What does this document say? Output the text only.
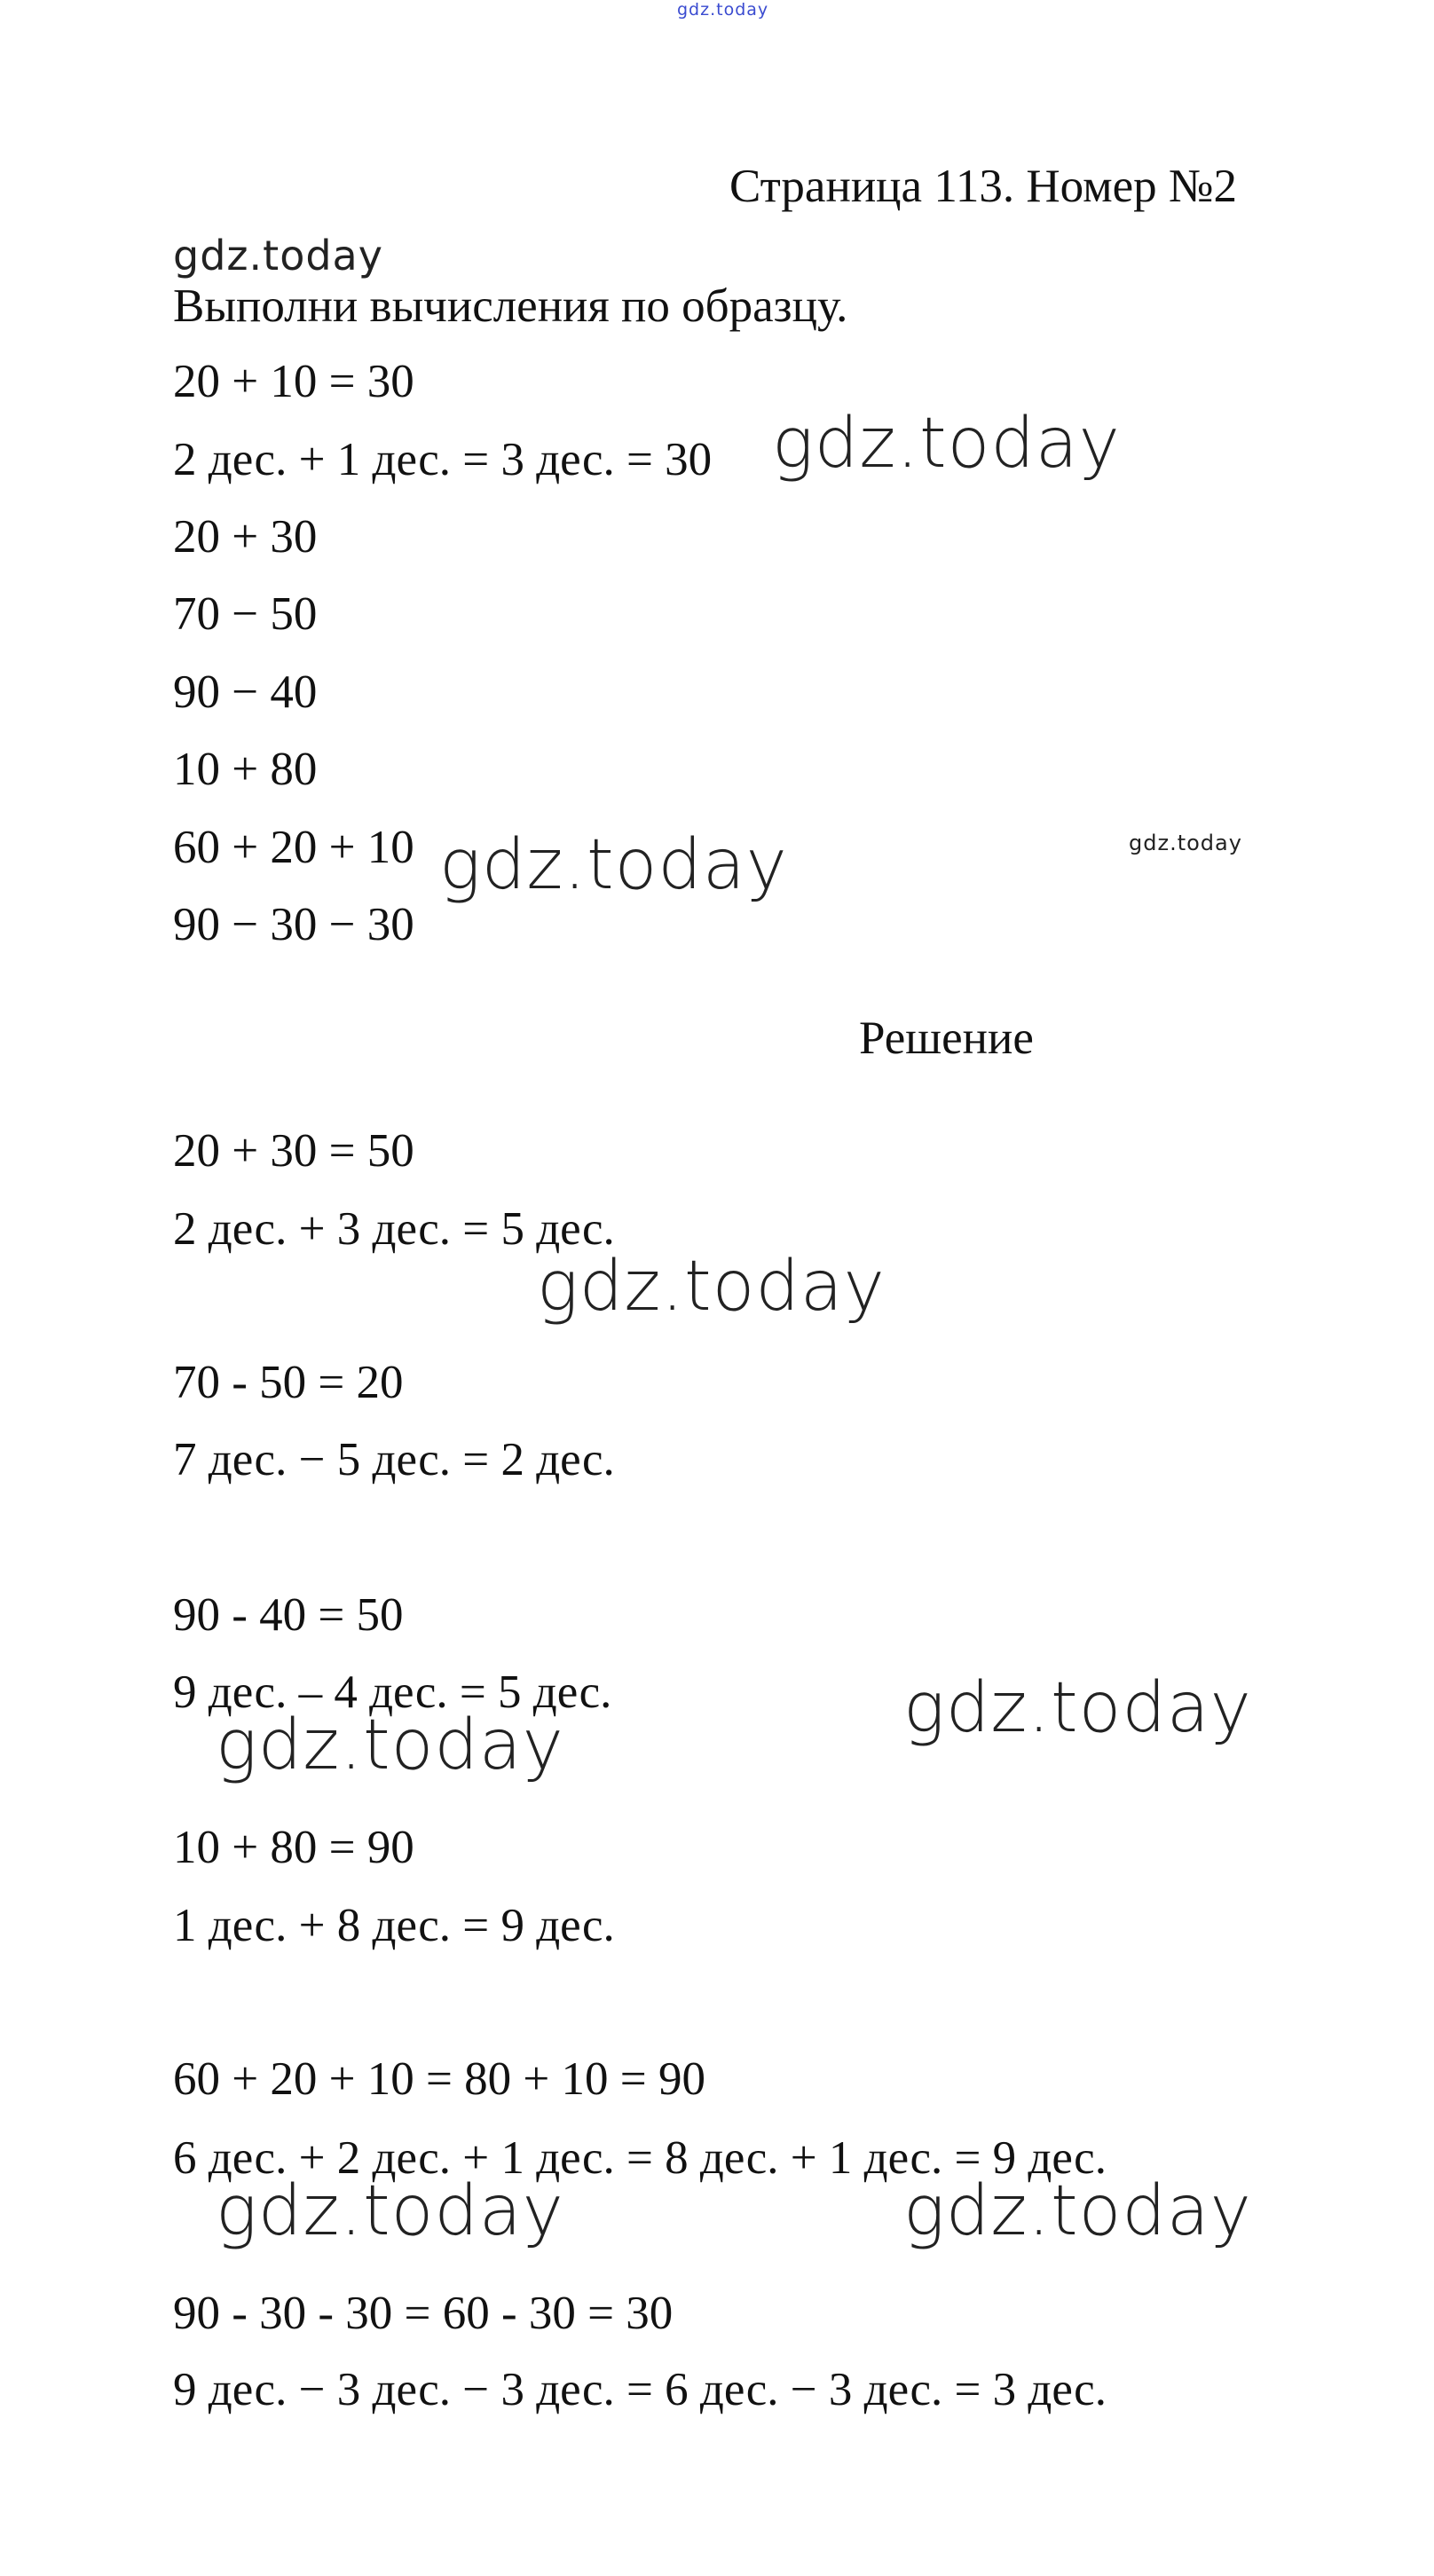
gdz.today
Страница 113. Номер №2
gdz.today
Выполни вычисления по образцу.
20 + 10 = 30
2 дес. + 1 дес. = 3 дес. = 30
20 + 30
70 − 50
90 − 40
10 + 80
60 + 20 + 10
90 − 30 − 30
Решение
20 + 30 = 50
2 дес. + 3 дес. = 5 дес.
70 - 50 = 20
7 дес. − 5 дес. = 2 дес.
90 - 40 = 50
9 дес. – 4 дес. = 5 дес.
10 + 80 = 90
1 дес. + 8 дес. = 9 дес.
60 + 20 + 10 = 80 + 10 = 90
6 дес. + 2 дес. + 1 дес. = 8 дес. + 1 дес. = 9 дес.
90 - 30 - 30 = 60 - 30 = 30
9 дес. − 3 дес. − 3 дес. = 6 дес. − 3 дес. = 3 дес.
gdz.today
gdz.today
gdz.today
gdz.today
gdz.today
gdz.today
gdz.today	gdz.today
